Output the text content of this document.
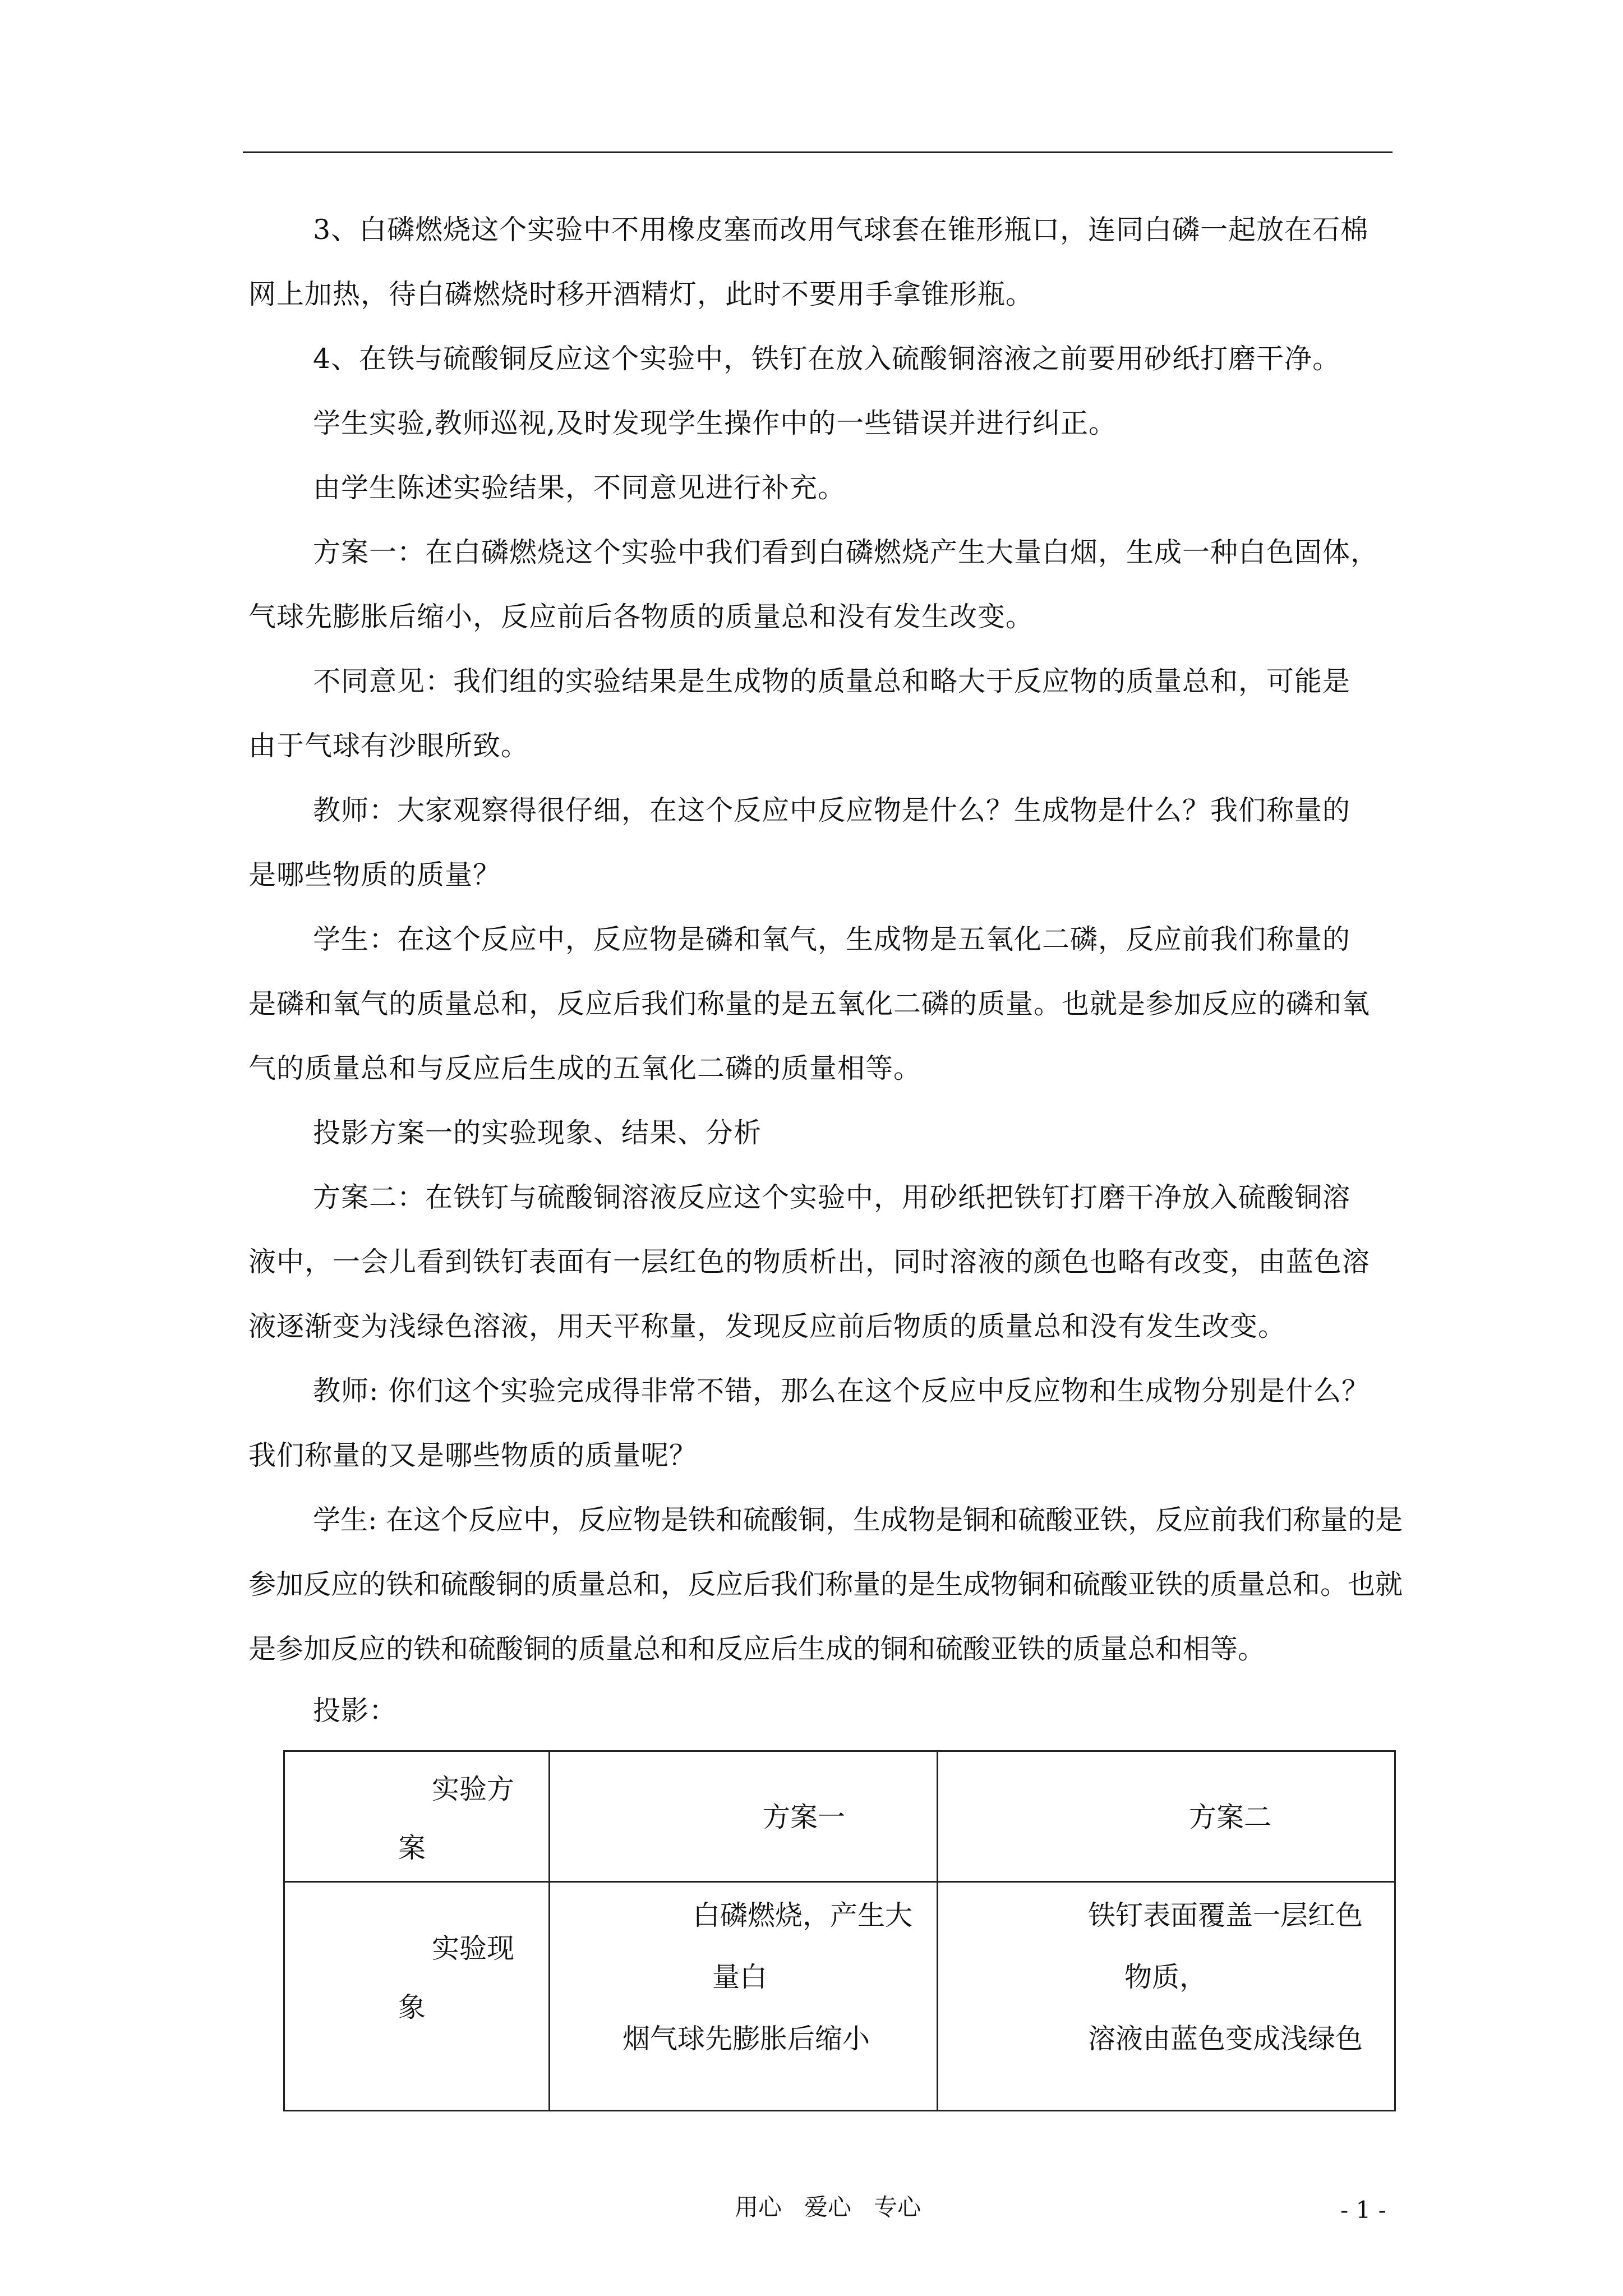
3、白磷燃烧这个实验中不用橡皮塞而改用气球套在锥形瓶口，连同白磷一起放在石棉
网上加热，待白磷燃烧时移开酒精灯，此时不要用手拿锥形瓶。
4、在铁与硫酸铜反应这个实验中，铁钉在放入硫酸铜溶液之前要用砂纸打磨干净。
学生实验,教师巡视,及时发现学生操作中的一些错误并进行纠正。
由学生陈述实验结果，不同意见进行补充。
方案一：在白磷燃烧这个实验中我们看到白磷燃烧产生大量白烟，生成一种白色固体，
气球先膨胀后缩小，反应前后各物质的质量总和没有发生改变。
不同意见：我们组的实验结果是生成物的质量总和略大于反应物的质量总和，可能是
由于气球有沙眼所致。
教师：大家观察得很仔细，在这个反应中反应物是什么？生成物是什么？我们称量的
是哪些物质的质量？
学生：在这个反应中，反应物是磷和氧气，生成物是五氧化二磷，反应前我们称量的
是磷和氧气的质量总和，反应后我们称量的是五氧化二磷的质量。也就是参加反应的磷和氧
气的质量总和与反应后生成的五氧化二磷的质量相等。
投影方案一的实验现象、结果、分析
方案二：在铁钉与硫酸铜溶液反应这个实验中，用砂纸把铁钉打磨干净放入硫酸铜溶
液中，一会儿看到铁钉表面有一层红色的物质析出，同时溶液的颜色也略有改变，由蓝色溶
液逐渐变为浅绿色溶液，用天平称量，发现反应前后物质的质量总和没有发生改变。
教师: 你们这个实验完成得非常不错，那么在这个反应中反应物和生成物分别是什么？
我们称量的又是哪些物质的质量呢？
学生: 在这个反应中，反应物是铁和硫酸铜，生成物是铜和硫酸亚铁，反应前我们称量的是
参加反应的铁和硫酸铜的质量总和，反应后我们称量的是生成物铜和硫酸亚铁的质量总和。也就
是参加反应的铁和硫酸铜的质量总和和反应后生成的铜和硫酸亚铁的质量总和相等。
投影：
实验方
案
方案一	方案二
实验现
象
白磷燃烧，产生大
量白
烟气球先膨胀后缩小
铁钉表面覆盖一层红色
物质，
溶液由蓝色变成浅绿色
用心   爱心   专心	- 1 -
